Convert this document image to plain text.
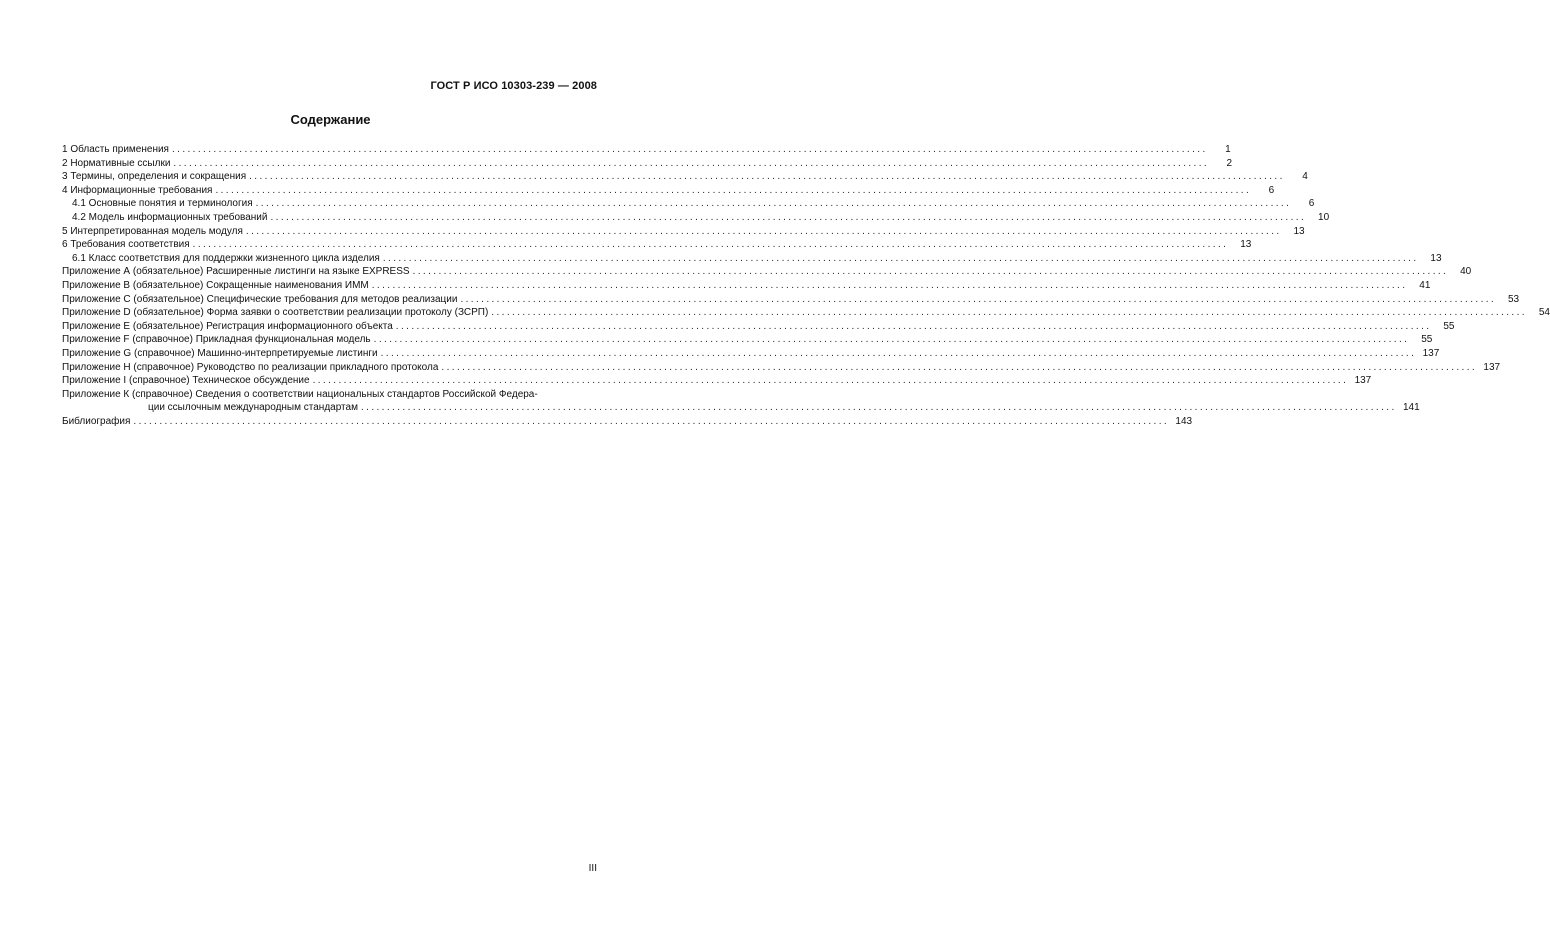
ГОСТ Р ИСО 10303-239 — 2008
Содержание
1 Область применения ........................................................................................................................................................................................................	1
2 Нормативные ссылки ........................................................................................................................................................................................................	2
3 Термины, определения и сокращения ........................................................................................................................................................................................................	4
4 Информационные требования ........................................................................................................................................................................................................	6
4.1 Основные понятия и терминология ........................................................................................................................................................................................................	6
4.2 Модель информационных требований ........................................................................................................................................................................................................	10
5 Интерпретированная модель модуля ........................................................................................................................................................................................................	13
6 Требования соответствия ........................................................................................................................................................................................................	13
6.1 Класс соответствия для поддержки жизненного цикла изделия ........................................................................................................................................................................................................	13
Приложение А (обязательное) Расширенные листинги на языке EXPRESS ........................................................................................................................................................................................................	40
Приложение В (обязательное) Сокращенные наименования ИММ ........................................................................................................................................................................................................	41
Приложение С (обязательное) Специфические требования для методов реализации ........................................................................................................................................................................................................	53
Приложение D (обязательное) Форма заявки о соответствии реализации протоколу (ЗСРП) ........................................................................................................................................................................................................	54
Приложение Е (обязательное) Регистрация информационного объекта ........................................................................................................................................................................................................	55
Приложение F (справочное) Прикладная функциональная модель ........................................................................................................................................................................................................	55
Приложение G (справочное) Машинно-интерпретируемые листинги ........................................................................................................................................................................................................ 137
Приложение Н (справочное) Руководство по реализации прикладного протокола ........................................................................................................................................................................................................ 137
Приложение I (справочное) Техническое обсуждение ........................................................................................................................................................................................................ 137
Приложение К (справочное) Сведения о соответствии национальных стандартов Российской Федера-
ции ссылочным международным стандартам ........................................................................................................................................................................................................ 141
Библиография ........................................................................................................................................................................................................ 143
III
